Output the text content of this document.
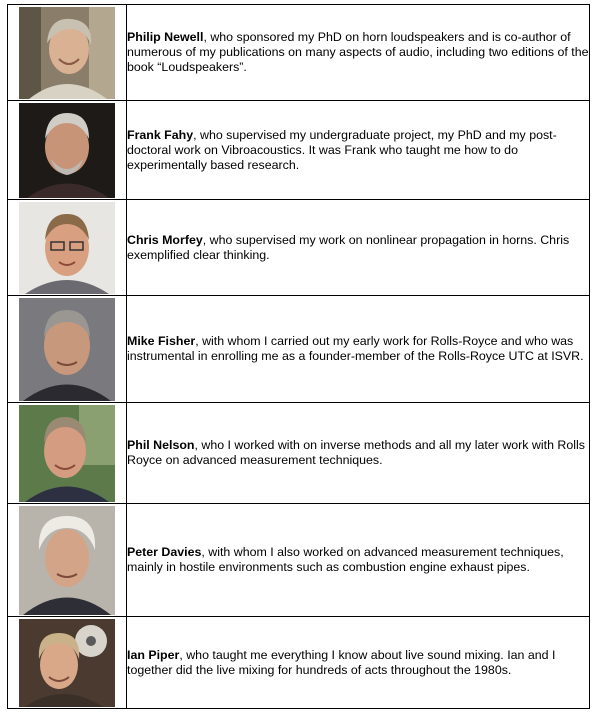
	Philip Newell, who sponsored my PhD on horn loudspeakers and is co-author of numerous of my publications on many aspects of audio, including two editions of the book “Loudspeakers”.

	Frank Fahy, who supervised my undergraduate project, my PhD and my post-doctoral work on Vibroacoustics. It was Frank who taught me how to do experimentally based research.

	Chris Morfey, who supervised my work on nonlinear propagation in horns. Chris exemplified clear thinking.

	Mike Fisher, with whom I carried out my early work for Rolls-Royce and who was instrumental in enrolling me as a founder-member of the Rolls-Royce UTC at ISVR.

	Phil Nelson, who I worked with on inverse methods and all my later work with Rolls Royce on advanced measurement techniques.

	Peter Davies, with whom I also worked on advanced measurement techniques, mainly in hostile environments such as combustion engine exhaust pipes.

	Ian Piper, who taught me everything I know about live sound mixing. Ian and I together did the live mixing for hundreds of acts throughout the 1980s.
